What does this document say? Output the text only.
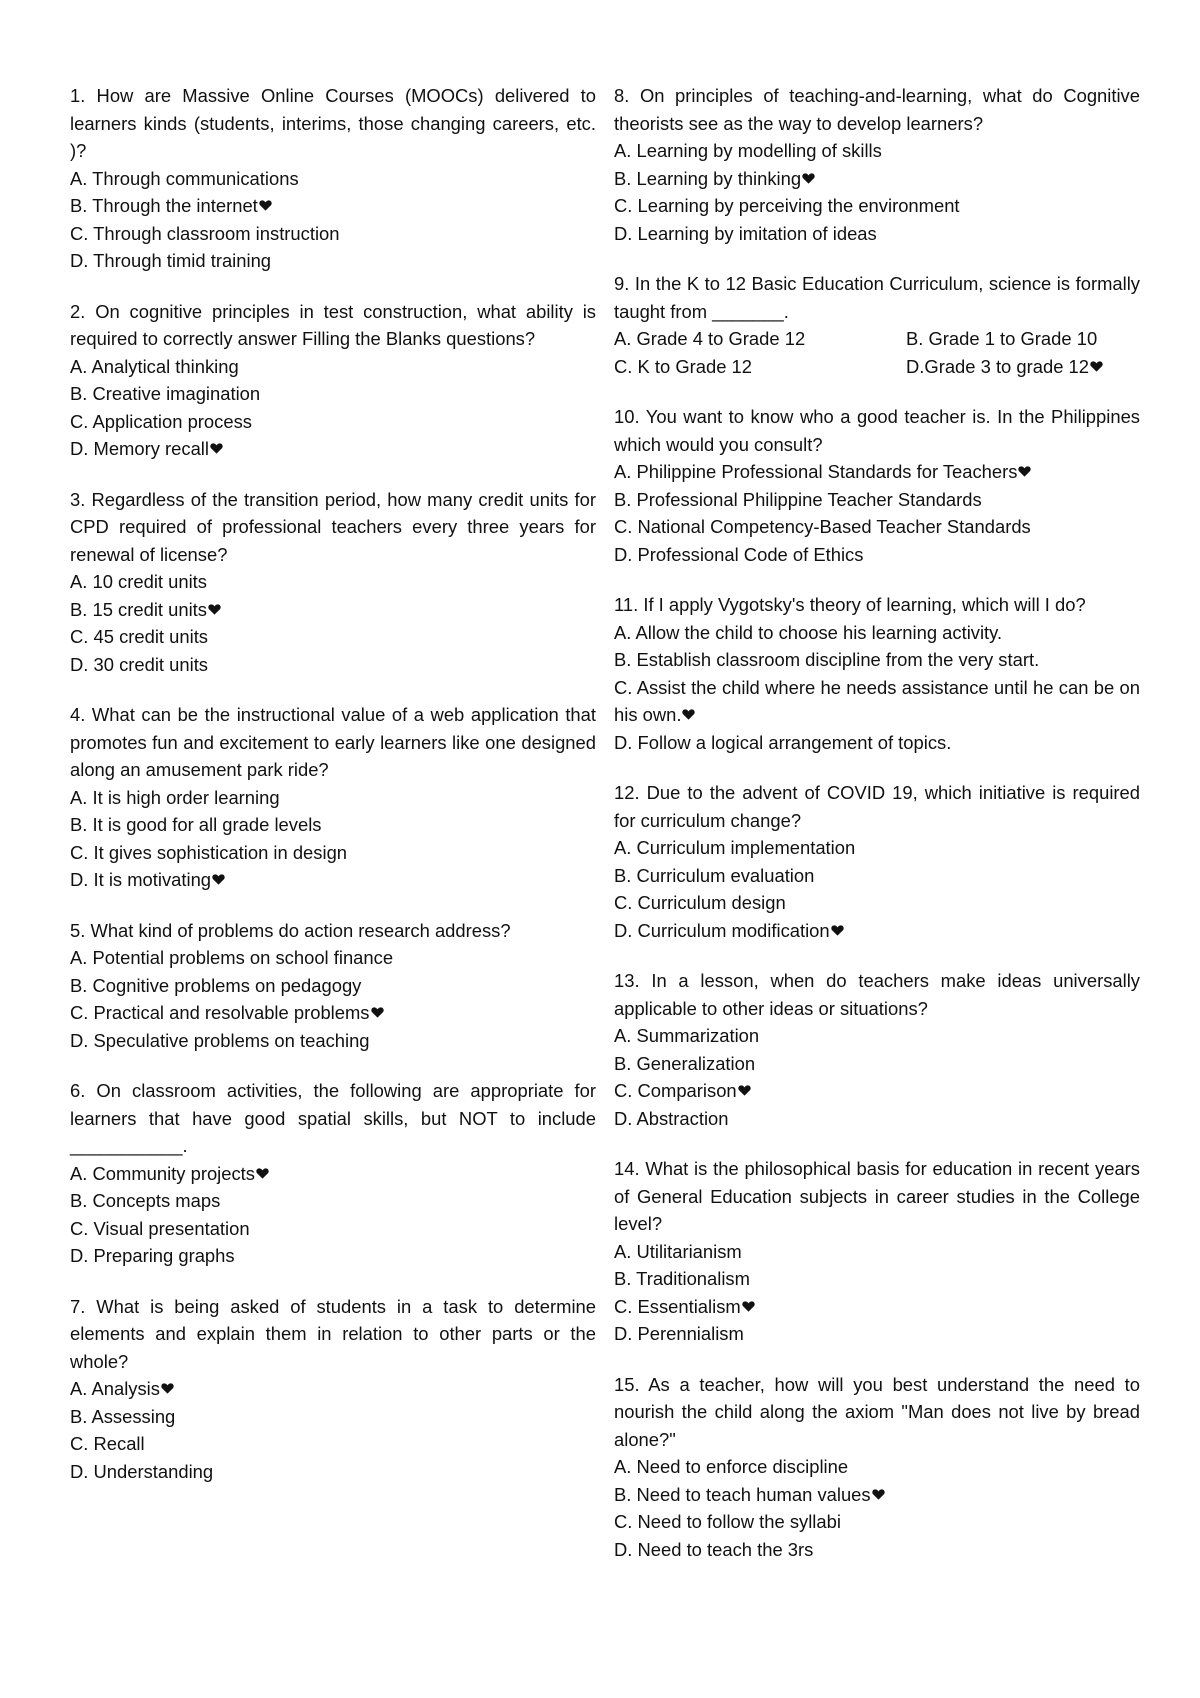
1. How are Massive Online Courses (MOOCs) delivered to learners kinds (students, interims, those changing careers, etc. )?
A. Through communications
B. Through the internet
C. Through classroom instruction
D. Through timid training
2. On cognitive principles in test construction, what ability is required to correctly answer Filling the Blanks questions?
A. Analytical thinking
B. Creative imagination
C. Application process
D. Memory recall
3. Regardless of the transition period, how many credit units for CPD required of professional teachers every three years for renewal of license?
A. 10 credit units
B. 15 credit units
C. 45 credit units
D. 30 credit units
4. What can be the instructional value of a web application that promotes fun and excitement to early learners like one designed along an amusement park ride?
A. It is high order learning
B. It is good for all grade levels
C. It gives sophistication in design
D. It is motivating
5. What kind of problems do action research address?
A. Potential problems on school finance
B. Cognitive problems on pedagogy
C. Practical and resolvable problems
D. Speculative problems on teaching
6. On classroom activities, the following are appropriate for learners that have good spatial skills, but NOT to include ___________.
A. Community projects
B. Concepts maps
C. Visual presentation
D. Preparing graphs
7. What is being asked of students in a task to determine elements and explain them in relation to other parts or the whole?
A. Analysis
B. Assessing
C. Recall
D. Understanding
8. On principles of teaching-and-learning, what do Cognitive theorists see as the way to develop learners?
A. Learning by modelling of skills
B. Learning by thinking
C. Learning by perceiving the environment
D. Learning by imitation of ideas
9. In the K to 12 Basic Education Curriculum, science is formally taught from _______.
A. Grade 4 to Grade 12	B. Grade 1 to Grade 10
C. K to Grade 12	D.Grade 3 to grade 12
10. You want to know who a good teacher is. In the Philippines which would you consult?
A. Philippine Professional Standards for Teachers
B. Professional Philippine Teacher Standards
C. National Competency-Based Teacher Standards
D. Professional Code of Ethics
11. If I apply Vygotsky's theory of learning, which will I do?
A. Allow the child to choose his learning activity.
B. Establish classroom discipline from the very start.
C. Assist the child where he needs assistance until he can be on his own.
D. Follow a logical arrangement of topics.
12. Due to the advent of COVID 19, which initiative is required for curriculum change?
A. Curriculum implementation
B. Curriculum evaluation
C. Curriculum design
D. Curriculum modification
13. In a lesson, when do teachers make ideas universally applicable to other ideas or situations?
A. Summarization
B. Generalization
C. Comparison
D. Abstraction
14. What is the philosophical basis for education in recent years of General Education subjects in career studies in the College level?
A. Utilitarianism
B. Traditionalism
C. Essentialism
D. Perennialism
15. As a teacher, how will you best understand the need to nourish the child along the axiom "Man does not live by bread alone?"
A. Need to enforce discipline
B. Need to teach human values
C. Need to follow the syllabi
D. Need to teach the 3rs
